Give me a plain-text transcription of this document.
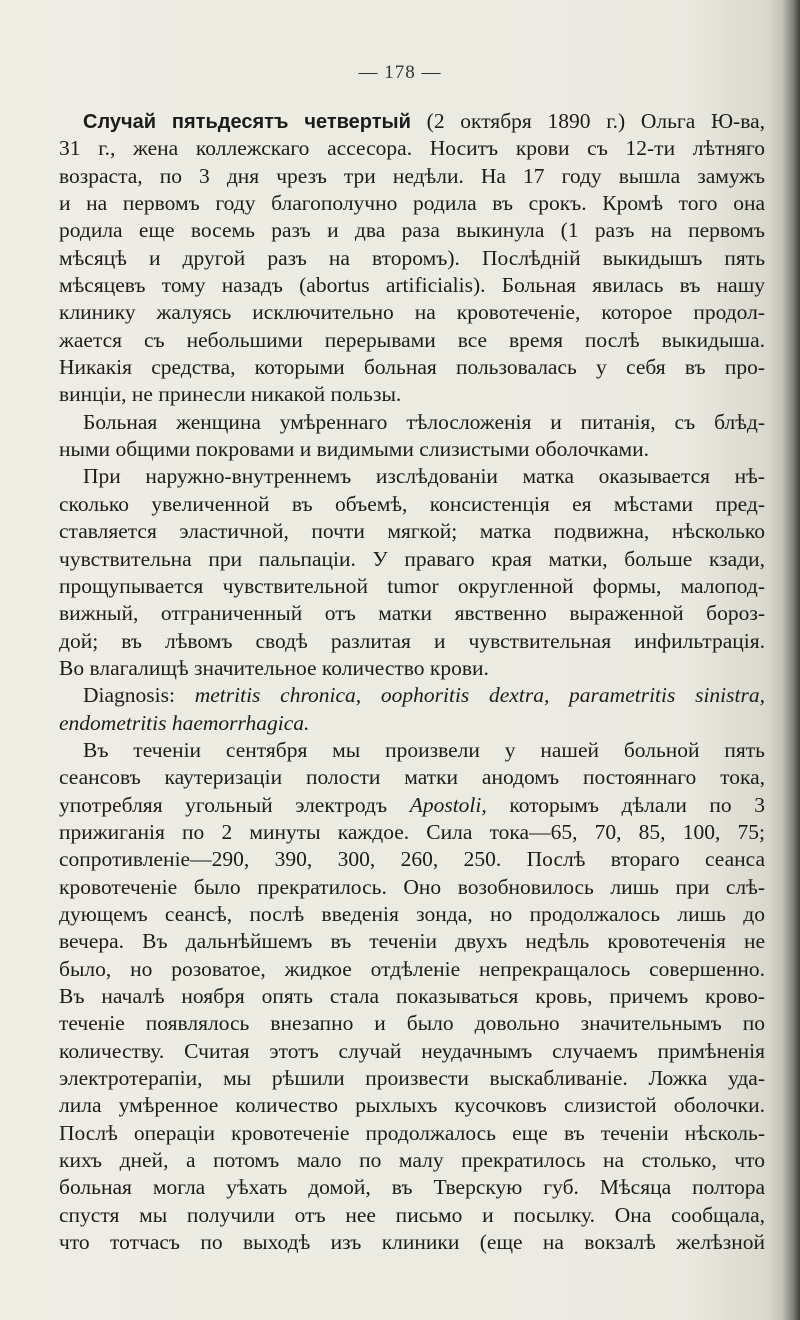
— 178 —
Случай пятьдесятъ четвертый (2 октября 1890 г.) Ольга Ю-ва,
31 г., жена коллежскаго ассесора. Носитъ крови съ 12-ти лѣтняго
возраста, по 3 дня чрезъ три недѣли. На 17 году вышла замужъ
и на первомъ году благополучно родила въ срокъ. Кромѣ того она
родила еще восемь разъ и два раза выкинула (1 разъ на первомъ
мѣсяцѣ и другой разъ на второмъ). Послѣднiй выкидышъ пять
мѣсяцевъ тому назадъ (abortus artificialis). Больная явилась въ нашу
клинику жалуясь исключительно на кровотеченiе, которое продол-
жается съ небольшими перерывами все время послѣ выкидыша.
Никакiя средства, которыми больная пользовалась у себя въ про-
винцiи, не принесли никакой пользы.
Больная женщина умѣреннаго тѣлосложенiя и питанiя, съ блѣд-
ными общими покровами и видимыми слизистыми оболочками.
При наружно-внутреннемъ изслѣдованiи матка оказывается нѣ-
сколько увеличенной въ объемѣ, консистенцiя ея мѣстами пред-
ставляется эластичной, почти мягкой; матка подвижна, нѣсколько
чувствительна при пальпацiи. У праваго края матки, больше кзади,
прощупывается чувствительной tumor округленной формы, малопод-
вижный, отграниченный отъ матки явственно выраженной бороз-
дой; въ лѣвомъ сводѣ разлитая и чувствительная инфильтрацiя.
Во влагалищѣ значительное количество крови.
Diagnosis: metritis chronica, oophoritis dextra, parametritis sinistra,
endometritis haemorrhagica.
Въ теченiи сентября мы произвели у нашей больной пять
сеансовъ каутеризацiи полости матки анодомъ постояннаго тока,
употребляя угольный электродъ Apostoli, которымъ дѣлали по 3
прижиганiя по 2 минуты каждое. Сила тока—65, 70, 85, 100, 75;
сопротивленiе—290, 390, 300, 260, 250. Послѣ втораго сеанса
кровотеченiе было прекратилось. Оно возобновилось лишь при слѣ-
дующемъ сеансѣ, послѣ введенiя зонда, но продолжалось лишь до
вечера. Въ дальнѣйшемъ въ теченiи двухъ недѣль кровотеченiя не
было, но розоватое, жидкое отдѣленiе непрекращалось совершенно.
Въ началѣ ноября опять стала показываться кровь, причемъ крово-
теченiе появлялось внезапно и было довольно значительнымъ по
количеству. Считая этотъ случай неудачнымъ случаемъ примѣненiя
электротерапiи, мы рѣшили произвести выскабливанiе. Ложка уда-
лила умѣренное количество рыхлыхъ кусочковъ слизистой оболочки.
Послѣ операцiи кровотеченiе продолжалось еще въ теченiи нѣсколь-
кихъ дней, а потомъ мало по малу прекратилось на столько, что
больная могла уѣхать домой, въ Тверскую губ. Мѣсяца полтора
спустя мы получили отъ нее письмо и посылку. Она сообщала,
что тотчасъ по выходѣ изъ клиники (еще на вокзалѣ желѣзной
